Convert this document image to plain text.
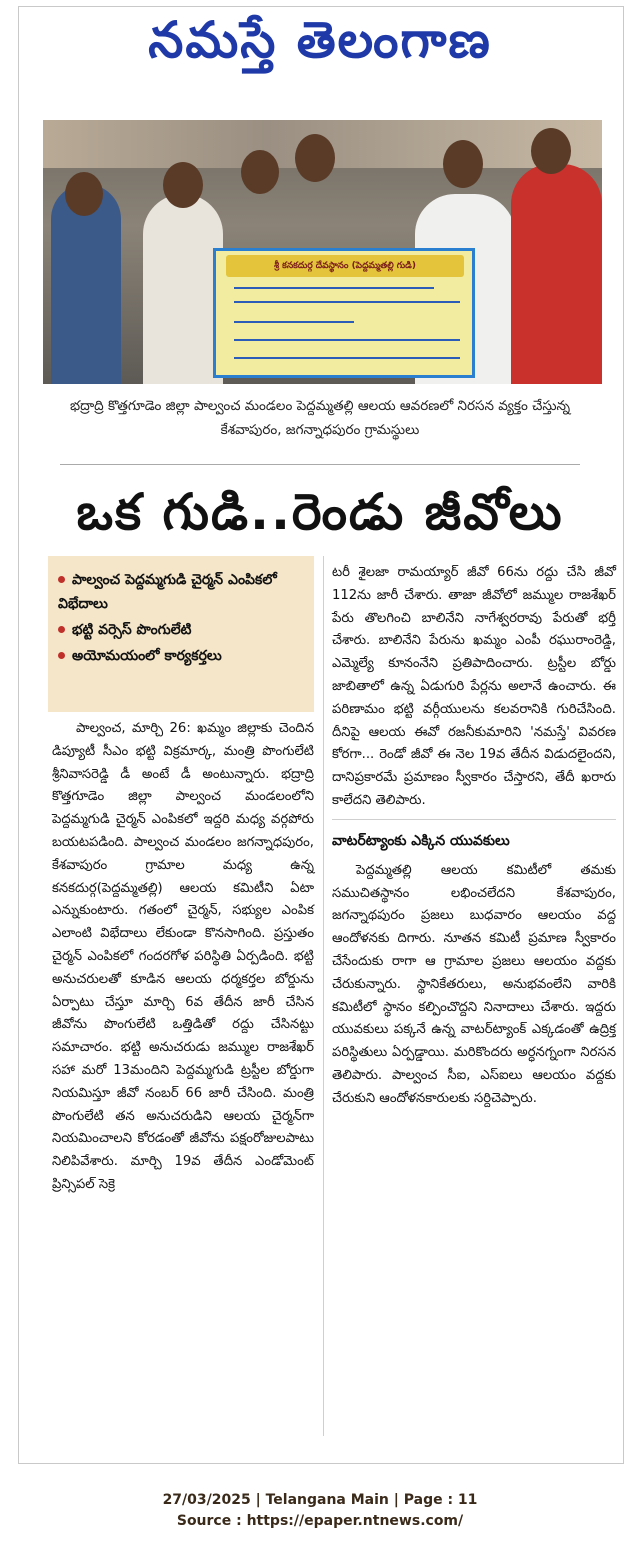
నమస్తే తెలంగాణ
శ్రీ కనకదుర్గ దేవస్థానం (పెద్దమ్మతల్లి గుడి)
భద్రాద్రి కొత్తగూడెం జిల్లా పాల్వంచ మండలం పెద్దమ్మతల్లి ఆలయ ఆవరణలో నిరసన వ్యక్తం చేస్తున్న కేశవాపురం, జగన్నాధపురం గ్రామస్థులు
ఒక గుడి..రెండు జీవోలు
పాల్వంచ పెద్దమ్మగుడి చైర్మన్ ఎంపికలో విభేదాలు
భట్టి వర్సెస్ పొంగులేటి
అయోమయంలో కార్యకర్తలు

పాల్వంచ, మార్చి 26: ఖమ్మం జిల్లాకు చెందిన డిప్యూటీ సీఎం భట్టి విక్రమార్క, మంత్రి పొంగులేటి శ్రీనివాసరెడ్డి డీ అంటే డీ అంటున్నారు. భద్రాద్రి కొత్తగూడెం జిల్లా పాల్వంచ మండలంలోని పెద్దమ్మగుడి చైర్మన్ ఎంపికలో ఇద్దరి మధ్య వర్గపోరు బయటపడింది. పాల్వంచ మండలం జగన్నాధపురం, కేశవాపురం గ్రామాల మధ్య ఉన్న కనకదుర్గ(పెద్దమ్మతల్లి) ఆలయ కమిటీని ఏటా ఎన్నుకుంటారు. గతంలో చైర్మన్, సభ్యుల ఎంపిక ఎలాంటి విభేదాలు లేకుండా కొనసాగింది. ప్రస్తుతం చైర్మన్ ఎంపికలో గందరగోళ పరిస్థితి ఏర్పడింది. భట్టి అనుచరులతో కూడిన ఆలయ ధర్మకర్తల బోర్డును ఏర్పాటు చేస్తూ మార్చి 6వ తేదీన జారీ చేసిన జీవోను పొంగులేటి ఒత్తిడితో రద్దు చేసినట్టు సమాచారం. భట్టి అనుచరుడు జమ్ముల రాజశేఖర్ సహా మరో 13మందిని పెద్దమ్మగుడి ట్రస్టీల బోర్డుగా నియమిస్తూ జీవో నంబర్ 66 జారీ చేసింది. మంత్రి పొంగులేటి తన అనుచరుడిని ఆలయ చైర్మన్‌గా నియమించాలని కోరడంతో జీవోను పక్షంరోజులపాటు నిలిపివేశారు. మార్చి 19వ తేదీన ఎండోమెంట్ ప్రిన్సిపల్ సెక్రె

టరీ శైలజా రామయ్యార్ జీవో 66ను రద్దు చేసి జీవో 112ను జారీ చేశారు. తాజా జీవోలో జమ్ముల రాజశేఖర్ పేరు తొలగించి బాలినేని నాగేశ్వరరావు పేరుతో భర్తీ చేశారు. బాలినేని పేరును ఖమ్మం ఎంపీ రఘురాంరెడ్డి, ఎమ్మెల్యే కూనంనేని ప్రతిపాదించారు. ట్రస్టీల బోర్డు జాబితాలో ఉన్న ఏడుగురి పేర్లను అలానే ఉంచారు. ఈ పరిణామం భట్టి వర్గీయులను కలవరానికి గురిచేసింది. దీనిపై ఆలయ ఈవో రజనీకుమారిని 'నమస్తే' వివరణ కోరగా... రెండో జీవో ఈ నెల 19వ తేదీన విడుదలైందని, దానిప్రకారమే ప్రమాణం స్వీకారం చేస్తారని, తేదీ ఖరారు కాలేదని తెలిపారు.

వాటర్‌ట్యాంకు ఎక్కిన యువకులు

పెద్దమ్మతల్లి ఆలయ కమిటీలో తమకు సముచితస్థానం లభించలేదని కేశవాపురం, జగన్నాథపురం ప్రజలు బుధవారం ఆలయం వద్ద ఆందోళనకు దిగారు. నూతన కమిటీ ప్రమాణ స్వీకారం చేసేందుకు రాగా ఆ గ్రామాల ప్రజలు ఆలయం వద్దకు చేరుకున్నారు. స్థానికేతరులు, అనుభవంలేని వారికి కమిటీలో స్థానం కల్పించొద్దని నినాదాలు చేశారు. ఇద్దరు యువకులు పక్కనే ఉన్న వాటర్‌ట్యాంక్ ఎక్కడంతో ఉద్రిక్త పరిస్థితులు ఏర్పడ్డాయి. మరికొందరు అర్ధనగ్నంగా నిరసన తెలిపారు. పాల్వంచ సీఐ, ఎస్ఐలు ఆలయం వద్దకు చేరుకుని ఆందోళనకారులకు సర్దిచెప్పారు.

27/03/2025 | Telangana Main | Page : 11
Source : https://epaper.ntnews.com/
